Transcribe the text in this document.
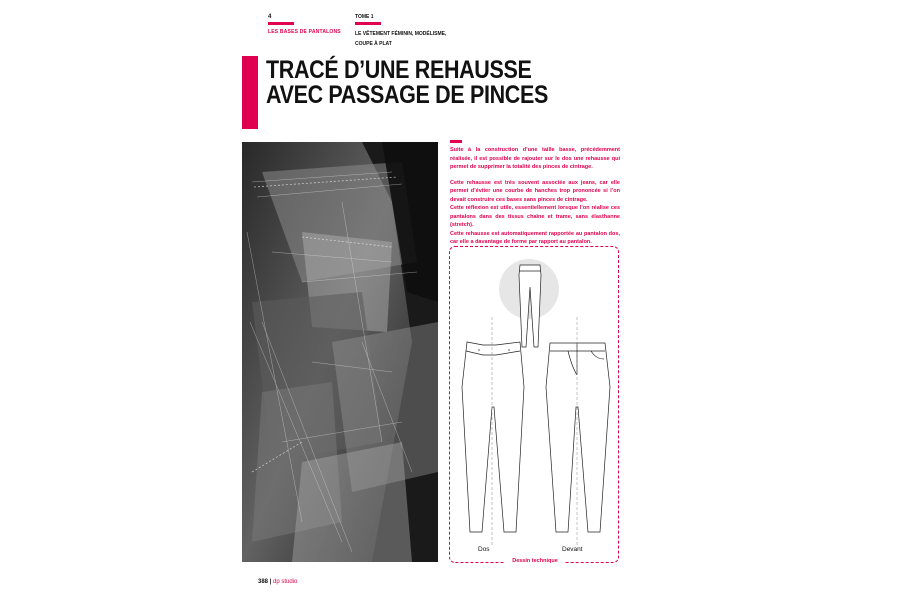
4
LES BASES DE PANTALONS
TOME 1
LE VÊTEMENT FÉMININ, MODÉLISME,
COUPE À PLAT
TRACÉ D’UNE REHAUSSE
AVEC PASSAGE DE PINCES

Suite à la construction d’une taille basse, précédemment réalisée, il est possible de rajouter sur le dos une rehausse qui permet de supprimer la totalité des pinces de cintrage.

Cette rehausse est très souvent associée aux jeans, car elle permet d’éviter une courbe de hanches trop prononcée si l’on devait construire ces bases sans pinces de cintrage.

Cette réflexion est utile, essentiellement lorsque l’on réalise ces pantalons dans des tissus chaîne et trame, sans élasthanne (stretch).

Cette rehausse est automatiquement rapportée au pantalon dos, car elle a davantage de forme par rapport au pantalon.

Dos	Devant
Dessin technique
388 | dp studio
